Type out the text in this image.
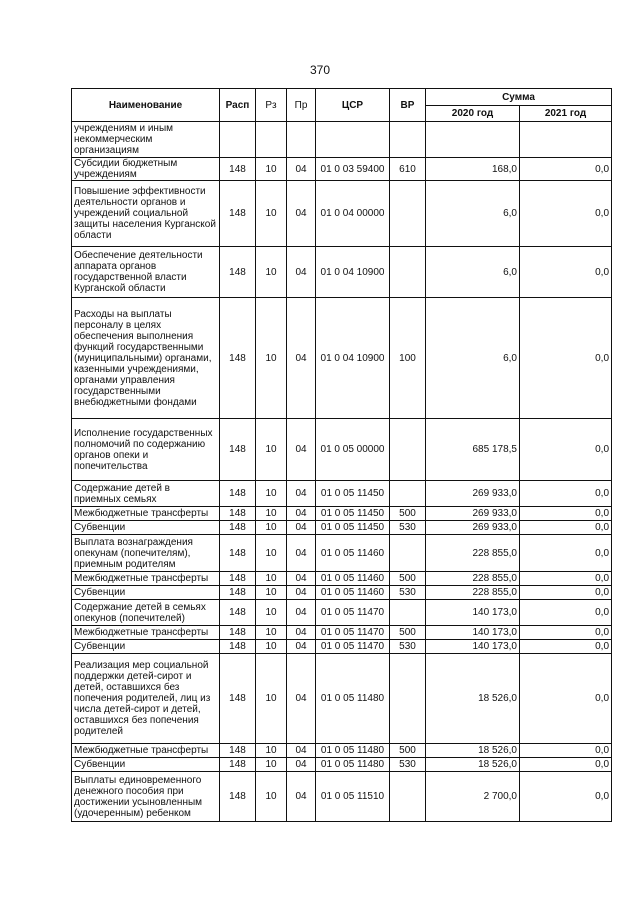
370
Наименование	Расп	Рз	Пр	ЦСР	ВР	Сумма	
						2020 год	2021 год
учреждениям и иным некоммерческим организациям							
Субсидии бюджетным учреждениям	148	10	04	01 0 03 59400	610	168,0	0,0
Повышение эффективности деятельности органов и учреждений социальной защиты населения Курганской области	148	10	04	01 0 04 00000		6,0	0,0
Обеспечение деятельности аппарата органов государственной власти Курганской области	148	10	04	01 0 04 10900		6,0	0,0
Расходы на выплаты персоналу в целях обеспечения выполнения функций государственными (муниципальными) органами, казенными учреждениями, органами управления государственными внебюджетными фондами	148	10	04	01 0 04 10900	100	6,0	0,0
Исполнение государственных полномочий по содержанию органов опеки и попечительства	148	10	04	01 0 05 00000		685 178,5	0,0
Содержание детей в приемных семьях	148	10	04	01 0 05 11450		269 933,0	0,0
Межбюджетные трансферты	148	10	04	01 0 05 11450	500	269 933,0	0,0
Субвенции	148	10	04	01 0 05 11450	530	269 933,0	0,0
Выплата вознаграждения опекунам (попечителям), приемным родителям	148	10	04	01 0 05 11460		228 855,0	0,0
Межбюджетные трансферты	148	10	04	01 0 05 11460	500	228 855,0	0,0
Субвенции	148	10	04	01 0 05 11460	530	228 855,0	0,0
Содержание детей в семьях опекунов (попечителей)	148	10	04	01 0 05 11470		140 173,0	0,0
Межбюджетные трансферты	148	10	04	01 0 05 11470	500	140 173,0	0,0
Субвенции	148	10	04	01 0 05 11470	530	140 173,0	0,0
Реализация мер социальной поддержки детей-сирот и детей, оставшихся без попечения родителей, лиц из числа детей-сирот и детей, оставшихся без попечения родителей	148	10	04	01 0 05 11480		18 526,0	0,0
Межбюджетные трансферты	148	10	04	01 0 05 11480	500	18 526,0	0,0
Субвенции	148	10	04	01 0 05 11480	530	18 526,0	0,0
Выплаты единовременного денежного пособия при достижении усыновленным (удочеренным) ребенком	148	10	04	01 0 05 11510		2 700,0	0,0
